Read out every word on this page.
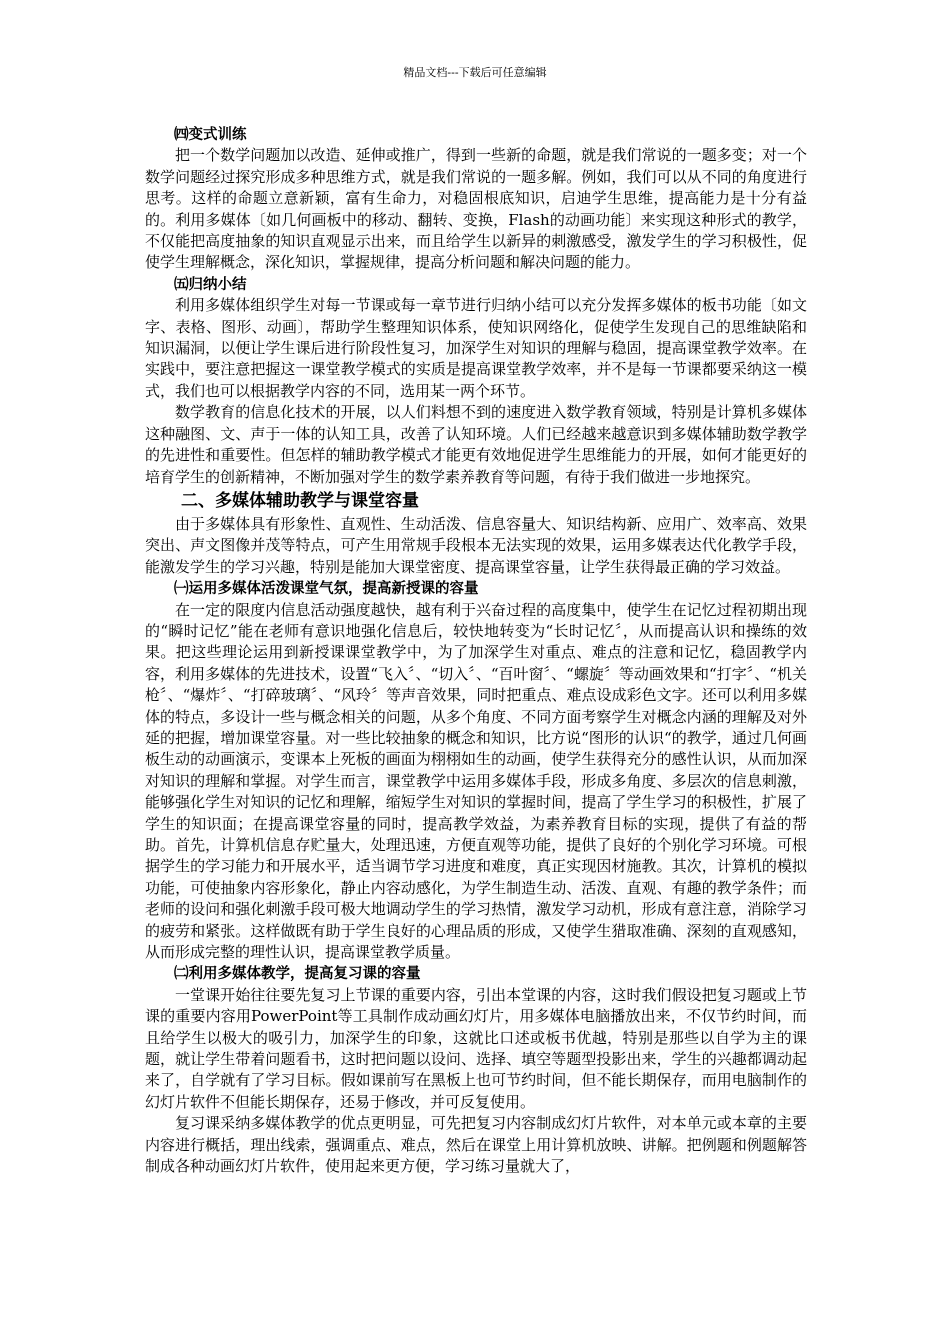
精品文档---下载后可任意编辑

㈣变式训练

把一个数学问题加以改造、延伸或推广，得到一些新的命题，就是我们常说的一题多变；对一个数学问题经过探究形成多种思维方式，就是我们常说的一题多解。例如，我们可以从不同的角度进行思考。这样的命题立意新颖，富有生命力，对稳固根底知识，启迪学生思维，提高能力是十分有益的。利用多媒体〔如几何画板中的移动、翻转、变换，Flash的动画功能〕来实现这种形式的教学，不仅能把高度抽象的知识直观显示出来，而且给学生以新异的刺激感受，激发学生的学习积极性，促使学生理解概念，深化知识，掌握规律，提高分析问题和解决问题的能力。

㈤归纳小结

利用多媒体组织学生对每一节课或每一章节进行归纳小结可以充分发挥多媒体的板书功能〔如文字、表格、图形、动画〕，帮助学生整理知识体系，使知识网络化，促使学生发现自己的思维缺陷和知识漏洞，以便让学生课后进行阶段性复习，加深学生对知识的理解与稳固，提高课堂教学效率。在实践中，要注意把握这一课堂教学模式的实质是提高课堂教学效率，并不是每一节课都要采纳这一模式，我们也可以根据教学内容的不同，选用某一两个环节。

数学教育的信息化技术的开展，以人们料想不到的速度进入数学教育领域，特别是计算机多媒体这种融图、文、声于一体的认知工具，改善了认知环境。人们已经越来越意识到多媒体辅助数学教学的先进性和重要性。但怎样的辅助教学模式才能更有效地促进学生思维能力的开展，如何才能更好的培育学生的创新精神，不断加强对学生的数学素养教育等问题，有待于我们做进一步地探究。

二、多媒体辅助教学与课堂容量

由于多媒体具有形象性、直观性、生动活泼、信息容量大、知识结构新、应用广、效率高、效果突出、声文图像并茂等特点，可产生用常规手段根本无法实现的效果，运用多媒表达代化教学手段，能激发学生的学习兴趣，特别是能加大课堂密度、提高课堂容量，让学生获得最正确的学习效益。

㈠运用多媒体活泼课堂气氛，提高新授课的容量

在一定的限度内信息活动强度越快，越有利于兴奋过程的高度集中，使学生在记忆过程初期出现的“瞬时记忆”能在老师有意识地强化信息后，较快地转变为“长时记忆〞，从而提高认识和操练的效果。把这些理论运用到新授课课堂教学中，为了加深学生对重点、难点的注意和记忆，稳固教学内容，利用多媒体的先进技术，设置“飞入〞、“切入〞、“百叶窗〞、“螺旋〞等动画效果和“打字〞、“机关枪〞、“爆炸〞、“打碎玻璃〞、“风玲〞等声音效果，同时把重点、难点设成彩色文字。还可以利用多媒体的特点，多设计一些与概念相关的问题，从多个角度、不同方面考察学生对概念内涵的理解及对外延的把握，增加课堂容量。对一些比较抽象的概念和知识，比方说“图形的认识“的教学，通过几何画板生动的动画演示，变课本上死板的画面为栩栩如生的动画，使学生获得充分的感性认识，从而加深对知识的理解和掌握。对学生而言，课堂教学中运用多媒体手段，形成多角度、多层次的信息刺激，能够强化学生对知识的记忆和理解，缩短学生对知识的掌握时间，提高了学生学习的积极性，扩展了学生的知识面；在提高课堂容量的同时，提高教学效益，为素养教育目标的实现，提供了有益的帮助。首先，计算机信息存贮量大，处理迅速，方便直观等功能，提供了良好的个别化学习环境。可根据学生的学习能力和开展水平，适当调节学习进度和难度，真正实现因材施教。其次，计算机的模拟功能，可使抽象内容形象化，静止内容动感化，为学生制造生动、活泼、直观、有趣的教学条件；而老师的设问和强化刺激手段可极大地调动学生的学习热情，激发学习动机，形成有意注意，消除学习的疲劳和紧张。这样做既有助于学生良好的心理品质的形成，又使学生猎取准确、深刻的直观感知，从而形成完整的理性认识，提高课堂教学质量。

㈡利用多媒体教学，提高复习课的容量

一堂课开始往往要先复习上节课的重要内容，引出本堂课的内容，这时我们假设把复习题或上节课的重要内容用PowerPoint等工具制作成动画幻灯片，用多媒体电脑播放出来，不仅节约时间，而且给学生以极大的吸引力，加深学生的印象，这就比口述或板书优越，特别是那些以自学为主的课题，就让学生带着问题看书，这时把问题以设问、选择、填空等题型投影出来，学生的兴趣都调动起来了，自学就有了学习目标。假如课前写在黑板上也可节约时间，但不能长期保存，而用电脑制作的幻灯片软件不但能长期保存，还易于修改，并可反复使用。

复习课采纳多媒体教学的优点更明显，可先把复习内容制成幻灯片软件，对本单元或本章的主要内容进行概括，理出线索，强调重点、难点，然后在课堂上用计算机放映、讲解。把例题和例题解答制成各种动画幻灯片软件，使用起来更方便，学习练习量就大了，
